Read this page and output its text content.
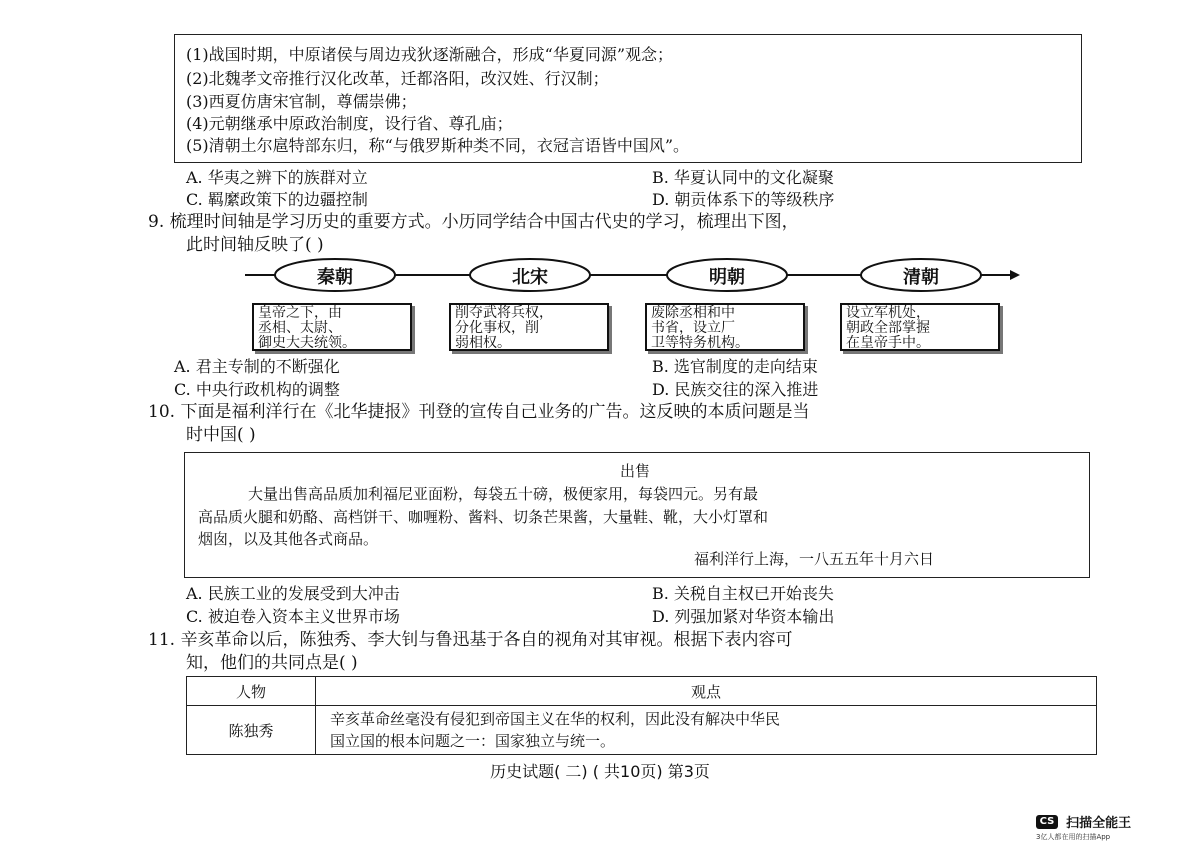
(1)战国时期，中原诸侯与周边戎狄逐渐融合，形成“华夏同源”观念；
(2)北魏孝文帝推行汉化改革，迁都洛阳，改汉姓、行汉制；
(3)西夏仿唐宋官制，尊儒崇佛；
(4)元朝继承中原政治制度，设行省、尊孔庙；
(5)清朝土尔扈特部东归，称“与俄罗斯种类不同，衣冠言语皆中国风”。
A. 华夷之辨下的族群对立	B. 华夏认同中的文化凝聚
C. 羁縻政策下的边疆控制	D. 朝贡体系下的等级秩序
9. 梳理时间轴是学习历史的重要方式。小历同学结合中国古代史的学习，梳理出下图，
此时间轴反映了( )
秦朝	北宋	明朝	清朝
皇帝之下，由
丞相、太尉、
御史大夫统领。
削夺武将兵权，
分化事权，削
弱相权。
废除丞相和中
书省，设立厂
卫等特务机构。
设立军机处，
朝政全部掌握
在皇帝手中。
A. 君主专制的不断强化	B. 选官制度的走向结束
C. 中央行政机构的调整	D. 民族交往的深入推进
10. 下面是福利洋行在《北华捷报》刊登的宣传自己业务的广告。这反映的本质问题是当
时中国( )
出售
大量出售高品质加利福尼亚面粉，每袋五十磅，极便家用，每袋四元。另有最
高品质火腿和奶酪、高档饼干、咖喱粉、酱料、切条芒果酱，大量鞋、靴，大小灯罩和
烟囱，以及其他各式商品。
福利洋行上海，一八五五年十月六日
A. 民族工业的发展受到大冲击	B. 关税自主权已开始丧失
C. 被迫卷入资本主义世界市场	D. 列强加紧对华资本输出
11. 辛亥革命以后，陈独秀、李大钊与鲁迅基于各自的视角对其审视。根据下表内容可
知，他们的共同点是( )
人物	观点
陈独秀	辛亥革命丝毫没有侵犯到帝国主义在华的权利，因此没有解决中华民
国立国的根本问题之一：国家独立与统一。
历史试题( 二) ( 共10页) 第3页
CS 扫描全能王
3亿人都在用的扫描App
